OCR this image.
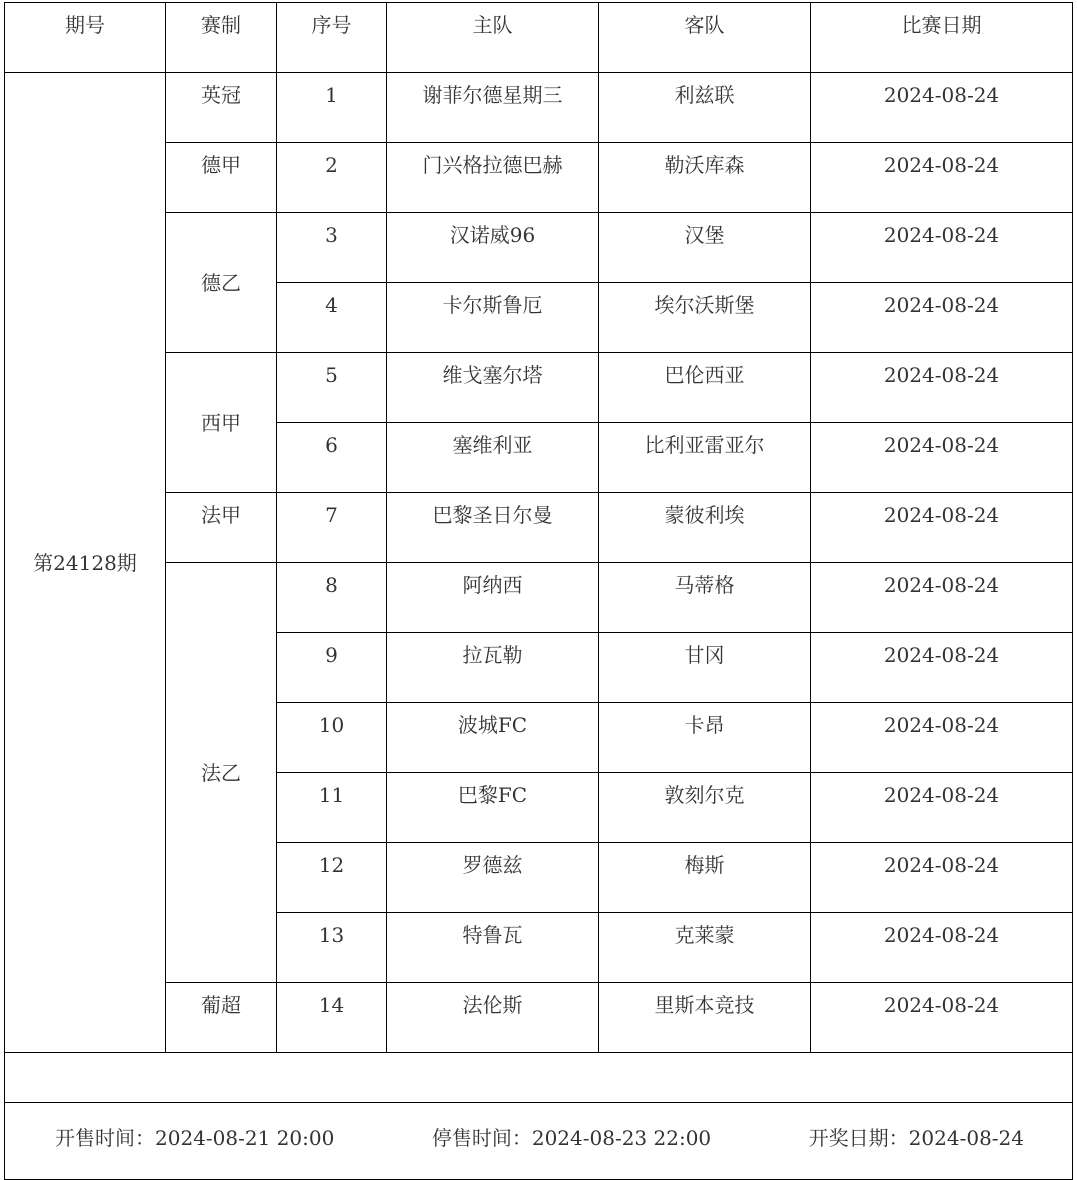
期号	赛制	序号	主队	客队	比赛日期
第24128期	英冠	1	谢菲尔德星期三	利兹联	2024-08-24
	德甲	2	门兴格拉德巴赫	勒沃库森	2024-08-24
	德乙	3	汉诺威96	汉堡	2024-08-24
		4	卡尔斯鲁厄	埃尔沃斯堡	2024-08-24
	西甲	5	维戈塞尔塔	巴伦西亚	2024-08-24
		6	塞维利亚	比利亚雷亚尔	2024-08-24
	法甲	7	巴黎圣日尔曼	蒙彼利埃	2024-08-24
	法乙	8	阿纳西	马蒂格	2024-08-24
		9	拉瓦勒	甘冈	2024-08-24
		10	波城FC	卡昂	2024-08-24
		11	巴黎FC	敦刻尔克	2024-08-24
		12	罗德兹	梅斯	2024-08-24
		13	特鲁瓦	克莱蒙	2024-08-24
	葡超	14	法伦斯	里斯本竞技	2024-08-24

开售时间：2024-08-21 20:00 停售时间：2024-08-23 22:00 开奖日期：2024-08-24					
